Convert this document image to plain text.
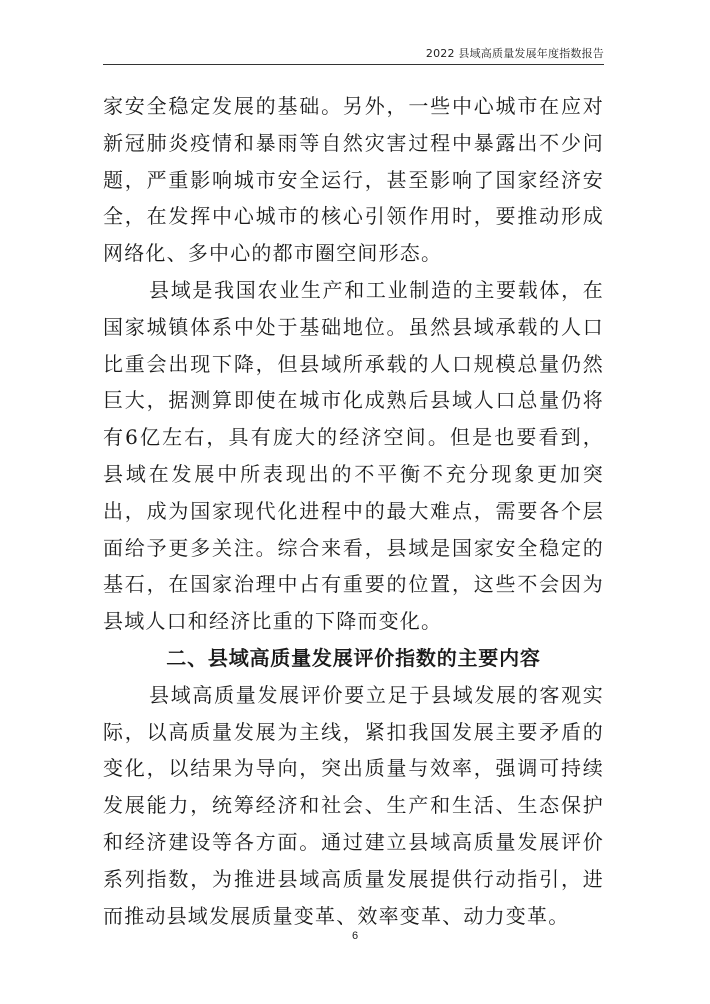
2022 县域高质量发展年度指数报告

家安全稳定发展的基础。另外，一些中心城市在应对新冠肺炎疫情和暴雨等自然灾害过程中暴露出不少问题，严重影响城市安全运行，甚至影响了国家经济安全，在发挥中心城市的核心引领作用时，要推动形成网络化、多中心的都市圈空间形态。

县域是我国农业生产和工业制造的主要载体，在国家城镇体系中处于基础地位。虽然县域承载的人口比重会出现下降，但县域所承载的人口规模总量仍然巨大，据测算即使在城市化成熟后县域人口总量仍将有6亿左右，具有庞大的经济空间。但是也要看到，县域在发展中所表现出的不平衡不充分现象更加突出，成为国家现代化进程中的最大难点，需要各个层面给予更多关注。综合来看，县域是国家安全稳定的基石，在国家治理中占有重要的位置，这些不会因为县域人口和经济比重的下降而变化。

二、县域高质量发展评价指数的主要内容

县域高质量发展评价要立足于县域发展的客观实际，以高质量发展为主线，紧扣我国发展主要矛盾的变化，以结果为导向，突出质量与效率，强调可持续发展能力，统筹经济和社会、生产和生活、生态保护和经济建设等各方面。通过建立县域高质量发展评价系列指数，为推进县域高质量发展提供行动指引，进而推动县域发展质量变革、效率变革、动力变革。

6
